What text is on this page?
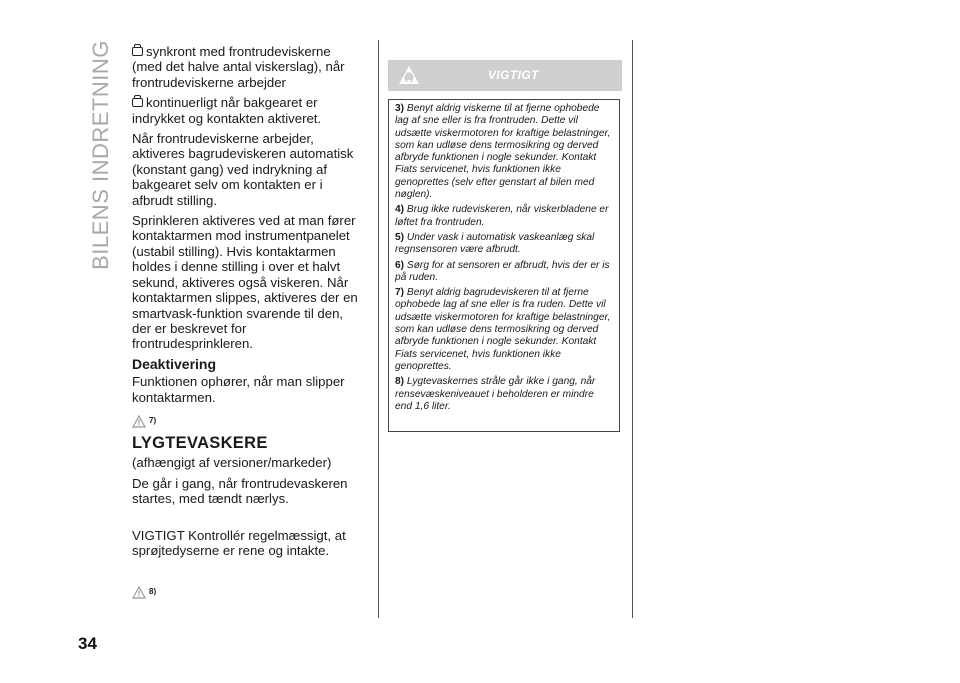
BILENS INDRETNING
34

synkront med frontrudeviskerne (med det halve antal viskerslag), når frontrudeviskerne arbejder

kontinuerligt når bakgearet er indrykket og kontakten aktiveret.

Når frontrudeviskerne arbejder, aktiveres bagrudeviskeren automatisk (konstant gang) ved indrykning af bakgearet selv om kontakten er i afbrudt stilling.

Sprinkleren aktiveres ved at man fører kontaktarmen mod instrumentpanelet (ustabil stilling). Hvis kontaktarmen holdes i denne stilling i over et halvt sekund, aktiveres også viskeren. Når kontaktarmen slippes, aktiveres der en smartvask-funktion svarende til den, der er beskrevet for frontrudesprinkleren.

Deaktivering

Funktionen ophører, når man slipper kontaktarmen.

7)
LYGTEVASKERE

(afhængigt af versioner/markeder)

De går i gang, når frontrudevaskeren startes, med tændt nærlys.

VIGTIGT Kontrollér regelmæssigt, at sprøjtedyserne er rene og intakte.

8)
VIGTIGT

3) Benyt aldrig viskerne til at fjerne ophobede lag af sne eller is fra frontruden. Dette vil udsætte viskermotoren for kraftige belastninger, som kan udløse dens termosikring og derved afbryde funktionen i nogle sekunder. Kontakt Fiats servicenet, hvis funktionen ikke genoprettes (selv efter genstart af bilen med nøglen).

4) Brug ikke rudeviskeren, når viskerbladene er løftet fra frontruden.

5) Under vask i automatisk vaskeanlæg skal regnsensoren være afbrudt.

6) Sørg for at sensoren er afbrudt, hvis der er is på ruden.

7) Benyt aldrig bagrudeviskeren til at fjerne ophobede lag af sne eller is fra ruden. Dette vil udsætte viskermotoren for kraftige belastninger, som kan udløse dens termosikring og derved afbryde funktionen i nogle sekunder. Kontakt Fiats servicenet, hvis funktionen ikke genoprettes.

8) Lygtevaskernes stråle går ikke i gang, når rensevæskeniveauet i beholderen er mindre end 1,6 liter.
